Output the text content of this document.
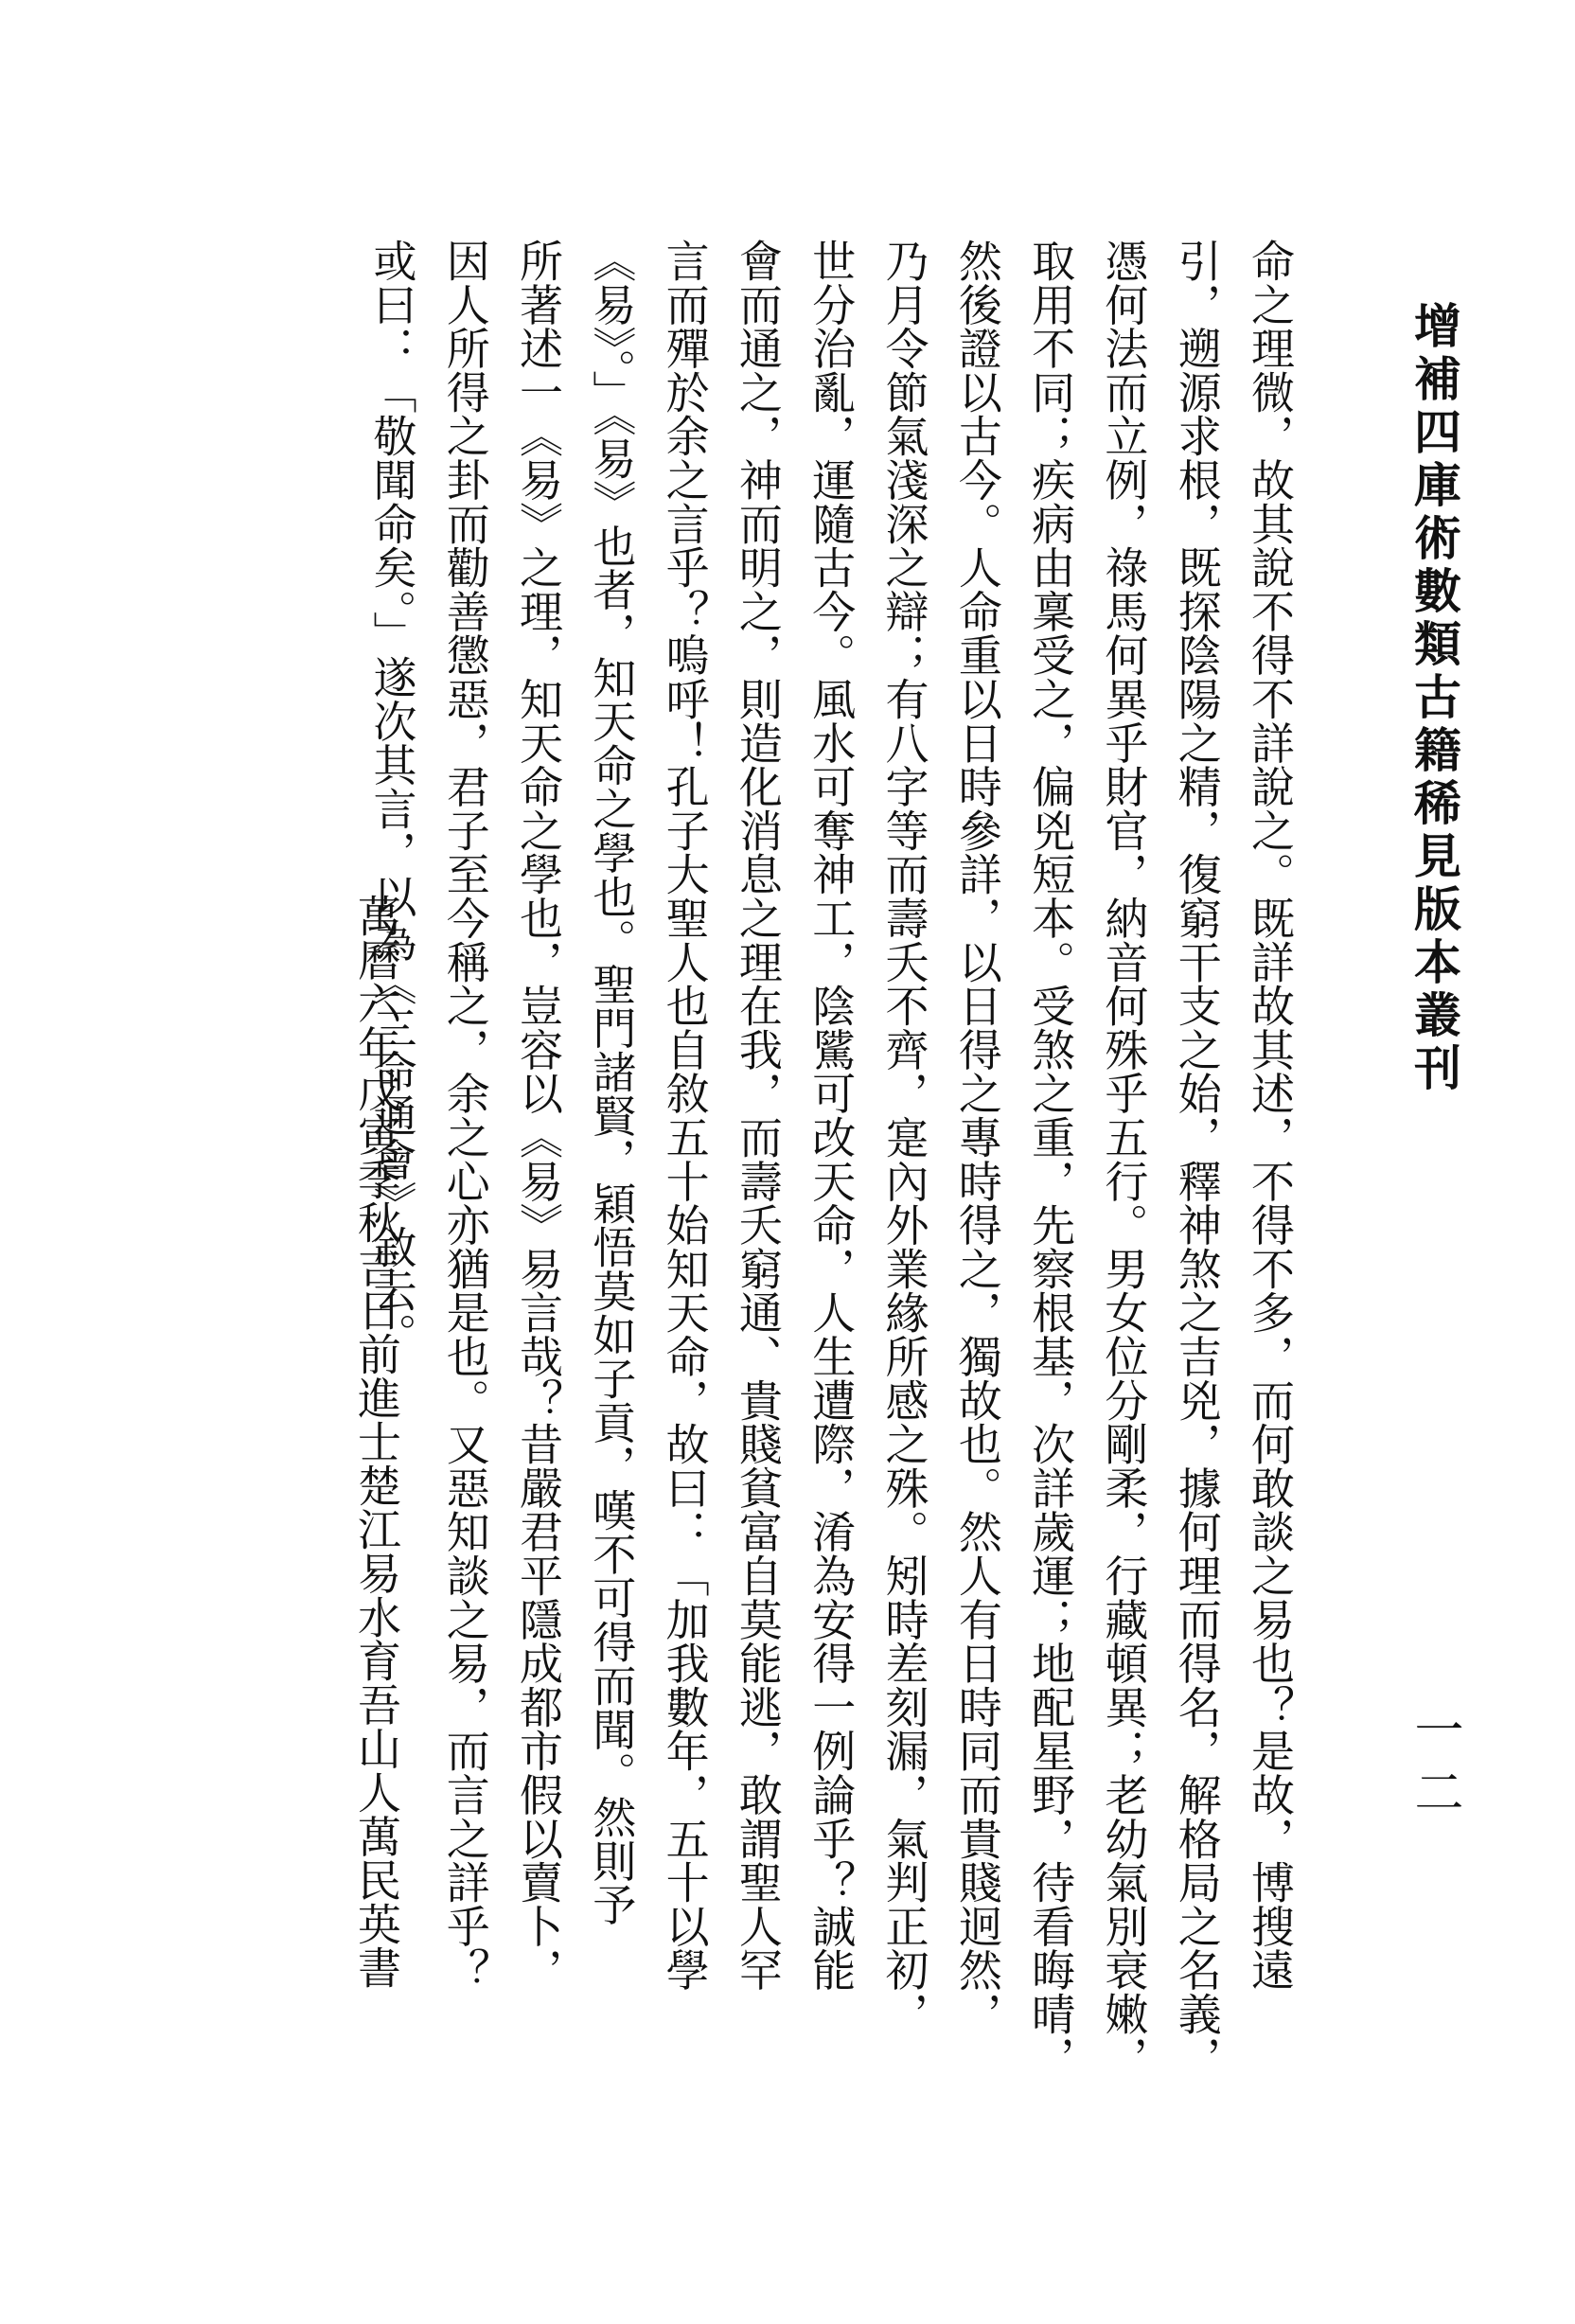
增補四庫術數類古籍稀見版本叢刊
一二
命之理微，故其說不得不詳說之。既詳故其述，不得不多，而何敢談之易也？是故，博搜遠
引，遡源求根，既探陰陽之精，復窮干支之始，釋神煞之吉兇，據何理而得名，解格局之名義，
憑何法而立例，祿馬何異乎財官，納音何殊乎五行。男女位分剛柔，行藏頓異；老幼氣別衰嫩，
取用不同；疾病由稟受之，偏兇短本。受煞之重，先察根基，次詳歲運；地配星野，待看晦晴，
然後證以古今。人命重以日時參詳，以日得之專時得之，獨故也。然人有日時同而貴賤迥然，
乃月令節氣淺深之辯；有八字等而壽夭不齊，寔內外業緣所感之殊。矧時差刻漏，氣判正初，
世分治亂，運隨古今。風水可奪神工，陰騭可改天命，人生遭際，淆為安得一例論乎？誠能
會而通之，神而明之，則造化消息之理在我，而壽夭窮通、貴賤貧富自莫能逃，敢謂聖人罕
言而殫於余之言乎？嗚呼！孔子大聖人也自敘五十始知天命，故曰：「加我數年，五十以學
《易》。」《易》也者，知天命之學也。聖門諸賢，穎悟莫如子貢，嘆不可得而聞。然則予
所著述一《易》之理，知天命之學也，豈容以《易》易言哉？昔嚴君平隱成都市假以賣卜，
因人所得之卦而勸善懲惡，君子至今稱之，余之心亦猶是也。又惡知談之易，而言之詳乎？
或曰：「敬聞命矣。」遂次其言，以為《三命通會》敘云。
萬曆六年戊寅季秋吉日前進士楚江易水育吾山人萬民英書
